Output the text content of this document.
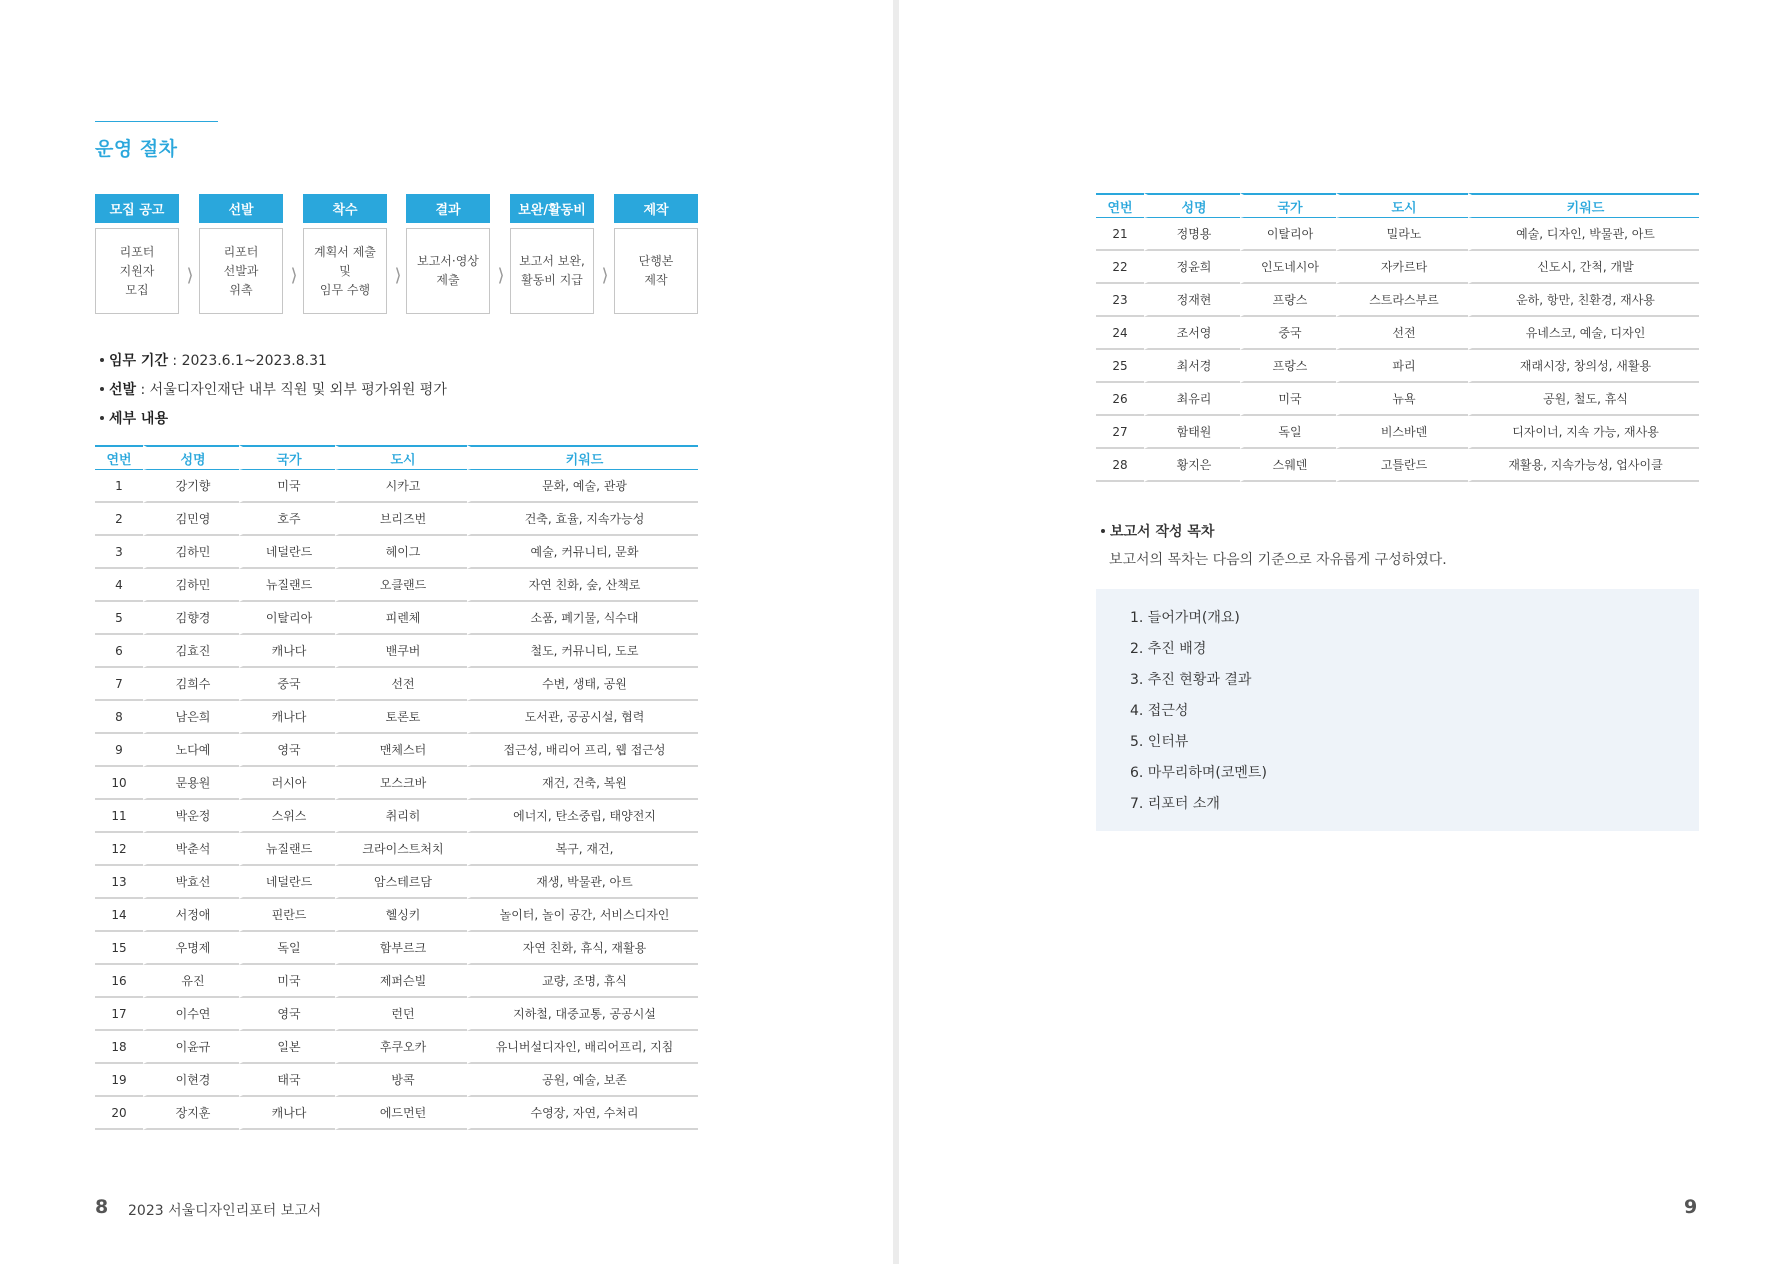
운영 절차
모집 공고
리포터
지원자
모집
⟩
선발
리포터
선발과
위촉
⟩
착수
계획서 제출
및
임무 수행
⟩
결과
보고서·영상
제출	⟩
보완/활동비
보고서 보완,
활동비 지급	⟩
제작
단행본
제작
임무 기간 : 2023.6.1~2023.8.31
선발 : 서울디자인재단 내부 직원 및 외부 평가위원 평가
세부 내용
연번	성명	국가	도시	키워드
1	강기향	미국	시카고	문화, 예술, 관광
2	김민영	호주	브리즈번	건축, 효율, 지속가능성
3	김하민	네덜란드	헤이그	예술, 커뮤니티, 문화
4	김하민	뉴질랜드	오클랜드	자연 친화, 숲, 산책로
5	김향경	이탈리아	피렌체	소품, 폐기물, 식수대
6	김효진	캐나다	밴쿠버	철도, 커뮤니티, 도로
7	김희수	중국	선전	수변, 생태, 공원
8	남은희	캐나다	토론토	도서관, 공공시설, 협력
9	노다예	영국	맨체스터	접근성, 배리어 프리, 웹 접근성
10	문용원	러시아	모스크바	재건, 건축, 복원
11	박운정	스위스	취리히	에너지, 탄소중립, 태양전지
12	박춘석	뉴질랜드	크라이스트처치	복구, 재건,
13	박효선	네덜란드	암스테르담	재생, 박물관, 아트
14	서정애	핀란드	헬싱키	놀이터, 놀이 공간, 서비스디자인
15	우명제	독일	함부르크	자연 친화, 휴식, 재활용
16	유진	미국	제퍼슨빌	교량, 조명, 휴식
17	이수연	영국	런던	지하철, 대중교통, 공공시설
18	이윤규	일본	후쿠오카	유니버설디자인, 배리어프리, 지침
19	이현경	태국	방콕	공원, 예술, 보존
20	장지훈	캐나다	에드먼턴	수영장, 자연, 수처리
8 2023 서울디자인리포터 보고서
연번	성명	국가	도시	키워드
21	정명용	이탈리아	밀라노	예술, 디자인, 박물관, 아트
22	정윤희	인도네시아	자카르타	신도시, 간척, 개발
23	정재현	프랑스	스트라스부르	운하, 항만, 친환경, 재사용
24	조서영	중국	선전	유네스코, 예술, 디자인
25	최서경	프랑스	파리	재래시장, 창의성, 새활용
26	최유리	미국	뉴욕	공원, 철도, 휴식
27	함태원	독일	비스바덴	디자이너, 지속 가능, 재사용
28	황지은	스웨덴	고틀란드	재활용, 지속가능성, 업사이클
보고서 작성 목차
보고서의 목차는 다음의 기준으로 자유롭게 구성하였다.
1. 들어가며(개요)
2. 추진 배경
3. 추진 현황과 결과
4. 접근성
5. 인터뷰
6. 마무리하며(코멘트)
7. 리포터 소개
9
